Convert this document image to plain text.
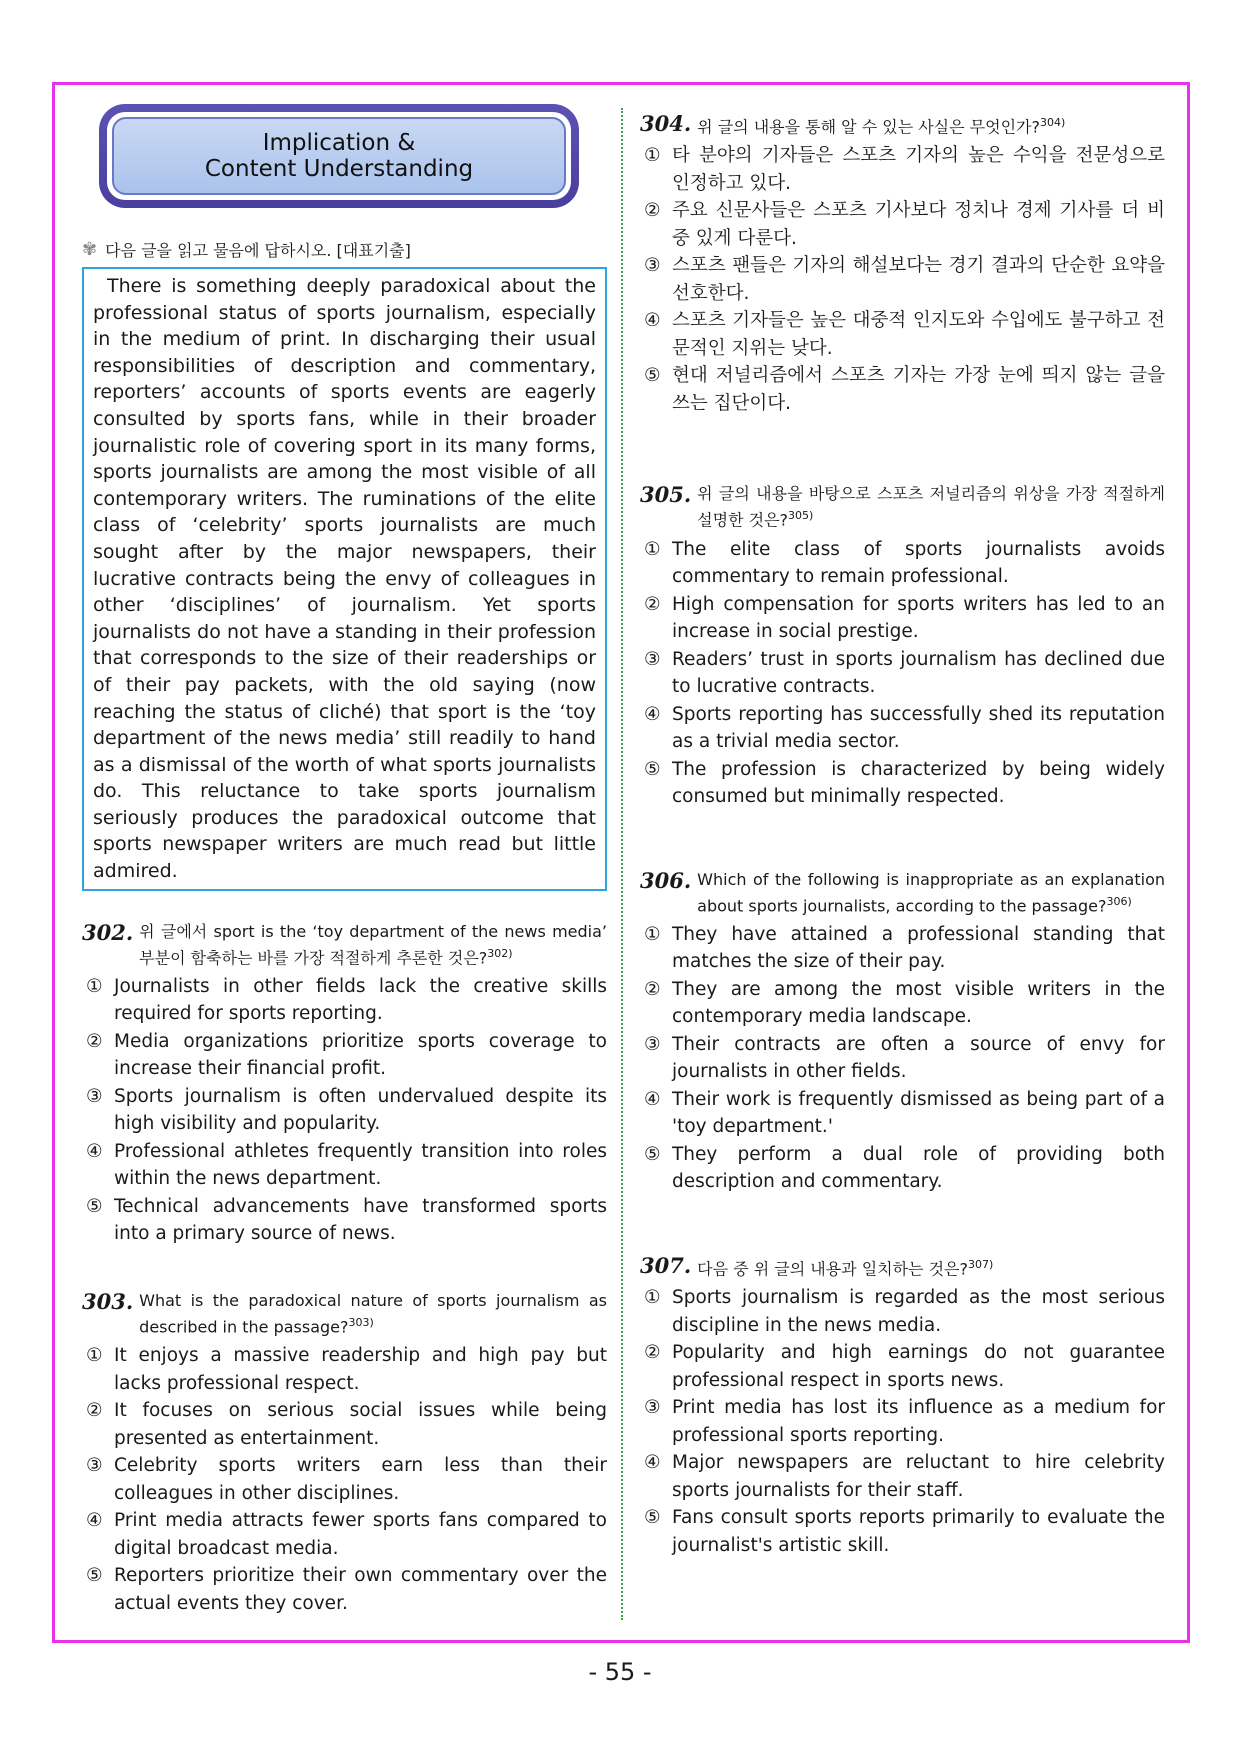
Implication &
Content Understanding
✾ 다음 글을 읽고 물음에 답하시오. [대표기출]
There is something deeply paradoxical about the professional status of sports journalism, especially in the medium of print. In discharging their usual responsibilities of description and commentary, reporters’ accounts of sports events are eagerly consulted by sports fans, while in their broader journalistic role of covering sport in its many forms, sports journalists are among the most visible of all contemporary writers. The ruminations of the elite class of ‘celebrity’ sports journalists are much sought after by the major newspapers, their lucrative contracts being the envy of colleagues in other ‘disciplines’ of journalism. Yet sports journalists do not have a standing in their profession that corresponds to the size of their readerships or of their pay packets, with the old saying (now reaching the status of cliché) that sport is the ‘toy department of the news media’ still readily to hand as a dismissal of the worth of what sports journalists do. This reluctance to take sports journalism seriously produces the paradoxical outcome that sports newspaper writers are much read but little admired.
302. 위 글에서 sport is the ‘toy department of the news media’ 부분이 함축하는 바를 가장 적절하게 추론한 것은?$^{302)}$
① Journalists in other fields lack the creative skills required for sports reporting.
② Media organizations prioritize sports coverage to increase their financial profit.
③ Sports journalism is often undervalued despite its high visibility and popularity.
④ Professional athletes frequently transition into roles within the news department.
⑤ Technical advancements have transformed sports into a primary source of news.
303. What is the paradoxical nature of sports journalism as described in the passage?$^{303)}$
① It enjoys a massive readership and high pay but lacks professional respect.
② It focuses on serious social issues while being presented as entertainment.
③ Celebrity sports writers earn less than their colleagues in other disciplines.
④ Print media attracts fewer sports fans compared to digital broadcast media.
⑤ Reporters prioritize their own commentary over the actual events they cover.
304. 위 글의 내용을 통해 알 수 있는 사실은 무엇인가?$^{304)}$
① 타 분야의 기자들은 스포츠 기자의 높은 수익을 전문성으로 인정하고 있다.
② 주요 신문사들은 스포츠 기사보다 정치나 경제 기사를 더 비중 있게 다룬다.
③ 스포츠 팬들은 기자의 해설보다는 경기 결과의 단순한 요약을 선호한다.
④ 스포츠 기자들은 높은 대중적 인지도와 수입에도 불구하고 전문적인 지위는 낮다.
⑤ 현대 저널리즘에서 스포츠 기자는 가장 눈에 띄지 않는 글을 쓰는 집단이다.
305. 위 글의 내용을 바탕으로 스포츠 저널리즘의 위상을 가장 적절하게 설명한 것은?$^{305)}$
① The elite class of sports journalists avoids commentary to remain professional.
② High compensation for sports writers has led to an increase in social prestige.
③ Readers’ trust in sports journalism has declined due to lucrative contracts.
④ Sports reporting has successfully shed its reputation as a trivial media sector.
⑤ The profession is characterized by being widely consumed but minimally respected.
306. Which of the following is inappropriate as an explanation about sports journalists, according to the passage?$^{306)}$
① They have attained a professional standing that matches the size of their pay.
② They are among the most visible writers in the contemporary media landscape.
③ Their contracts are often a source of envy for journalists in other fields.
④ Their work is frequently dismissed as being part of a 'toy department.'
⑤ They perform a dual role of providing both description and commentary.
307. 다음 중 위 글의 내용과 일치하는 것은?$^{307)}$
① Sports journalism is regarded as the most serious discipline in the news media.
② Popularity and high earnings do not guarantee professional respect in sports news.
③ Print media has lost its influence as a medium for professional sports reporting.
④ Major newspapers are reluctant to hire celebrity sports journalists for their staff.
⑤ Fans consult sports reports primarily to evaluate the journalist's artistic skill.
- 55 -
